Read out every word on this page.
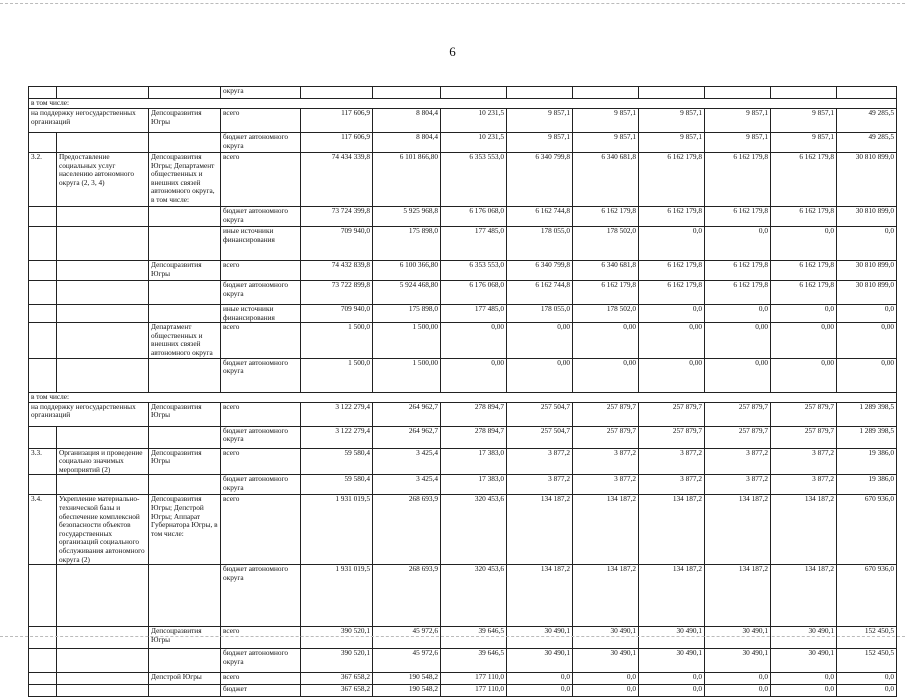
6
			округа									
в том числе:												
на поддержку негосударственных организаций		Депсоцразвития Югры	всего	117 606,9	8 804,4	10 231,5	9 857,1	9 857,1	9 857,1	9 857,1	9 857,1	49 285,5
			бюджет автономного округа	117 606,9	8 804,4	10 231,5	9 857,1	9 857,1	9 857,1	9 857,1	9 857,1	49 285,5
3.2.	Предоставление социальных услуг населению автономного округа (2, 3, 4)	Депсоцразвития Югры; Департамент общественных и внешних связей автономного округа, в том числе:	всего	74 434 339,8	6 101 866,80	6 353 553,0	6 340 799,8	6 340 681,8	6 162 179,8	6 162 179,8	6 162 179,8	30 810 899,0
			бюджет автономного округа	73 724 399,8	5 925 968,8	6 176 068,0	6 162 744,8	6 162 179,8	6 162 179,8	6 162 179,8	6 162 179,8	30 810 899,0
			иные источники финансирования	709 940,0	175 898,0	177 485,0	178 055,0	178 502,0	0,0	0,0	0,0	0,0
		Депсоцразвития Югры	всего	74 432 839,8	6 100 366,80	6 353 553,0	6 340 799,8	6 340 681,8	6 162 179,8	6 162 179,8	6 162 179,8	30 810 899,0
			бюджет автономного округа	73 722 899,8	5 924 468,80	6 176 068,0	6 162 744,8	6 162 179,8	6 162 179,8	6 162 179,8	6 162 179,8	30 810 899,0
			иные источники финансирования	709 940,0	175 898,0	177 485,0	178 055,0	178 502,0	0,0	0,0	0,0	0,0
		Департамент общественных и внешних связей автономного округа	всего	1 500,0	1 500,00	0,00	0,00	0,00	0,00	0,00	0,00	0,00
			бюджет автономного округа	1 500,0	1 500,00	0,00	0,00	0,00	0,00	0,00	0,00	0,00
в том числе:												
на поддержку негосударственных организаций		Депсоцразвития Югры	всего	3 122 279,4	264 962,7	278 894,7	257 504,7	257 879,7	257 879,7	257 879,7	257 879,7	1 289 398,5
			бюджет автономного округа	3 122 279,4	264 962,7	278 894,7	257 504,7	257 879,7	257 879,7	257 879,7	257 879,7	1 289 398,5
3.3.	Организация и проведение социально значимых мероприятий (2)	Депсоцразвития Югры	всего	59 580,4	3 425,4	17 383,0	3 877,2	3 877,2	3 877,2	3 877,2	3 877,2	19 386,0
			бюджет автономного округа	59 580,4	3 425,4	17 383,0	3 877,2	3 877,2	3 877,2	3 877,2	3 877,2	19 386,0
3.4.	Укрепление материально-технической базы и обеспечение комплексной безопасности объектов государственных организаций социального обслуживания автономного округа (2)	Депсоцразвития Югры; Депстрой Югры; Аппарат Губернатора Югры, в том числе:	всего	1 931 019,5	268 693,9	320 453,6	134 187,2	134 187,2	134 187,2	134 187,2	134 187,2	670 936,0
			бюджет автономного округа	1 931 019,5	268 693,9	320 453,6	134 187,2	134 187,2	134 187,2	134 187,2	134 187,2	670 936,0
		Депсоцразвития Югры	всего	390 520,1	45 972,6	39 646,5	30 490,1	30 490,1	30 490,1	30 490,1	30 490,1	152 450,5
			бюджет автономного округа	390 520,1	45 972,6	39 646,5	30 490,1	30 490,1	30 490,1	30 490,1	30 490,1	152 450,5
		Депстрой Югры	всего	367 658,2	190 548,2	177 110,0	0,0	0,0	0,0	0,0	0,0	0,0
			бюджет	367 658,2	190 548,2	177 110,0	0,0	0,0	0,0	0,0	0,0	0,0
